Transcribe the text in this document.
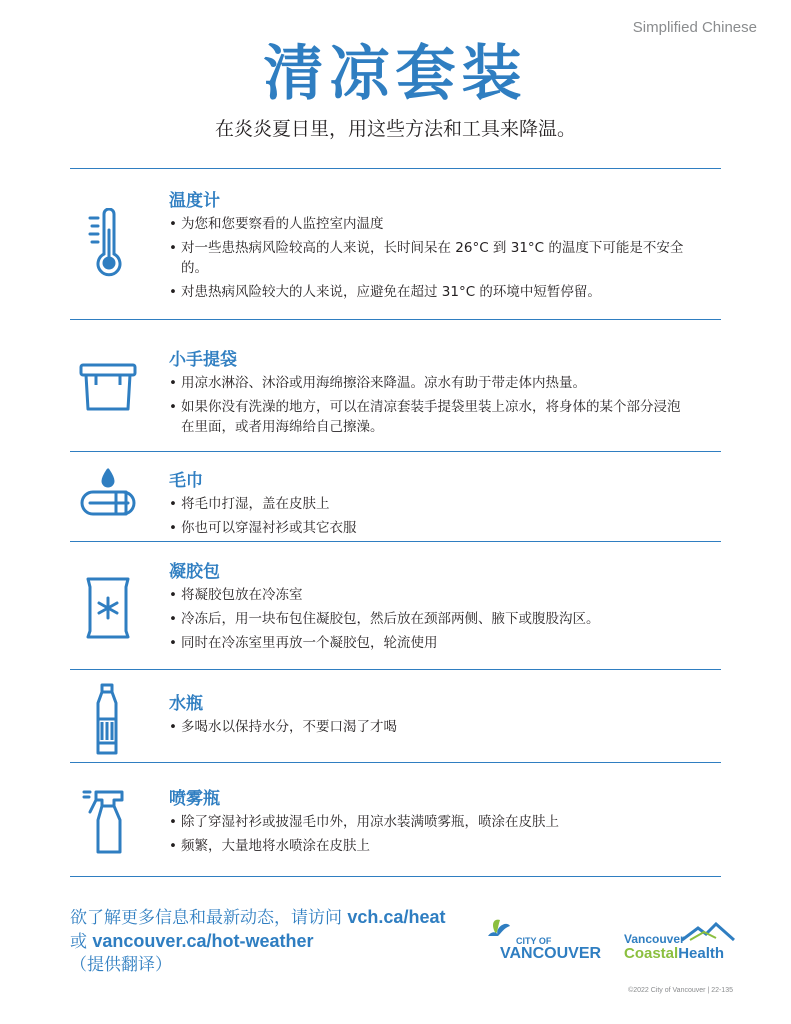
Simplified Chinese
清凉套装
在炎炎夏日里，用这些方法和工具来降温。
温度计
• 为您和您要察看的人监控室内温度
• 对一些患热病风险较高的人来说，长时间呆在 26°C 到 31°C 的温度下可能是不安全的。
• 对患热病风险较大的人来说，应避免在超过 31°C 的环境中短暂停留。
小手提袋
• 用凉水淋浴、沐浴或用海绵擦浴来降温。凉水有助于带走体内热量。
• 如果你没有洗澡的地方，可以在清凉套装手提袋里装上凉水，将身体的某个部分浸泡在里面，或者用海绵给自己擦澡。
毛巾
• 将毛巾打湿，盖在皮肤上
• 你也可以穿湿衬衫或其它衣服
凝胶包
• 将凝胶包放在冷冻室
• 冷冻后，用一块布包住凝胶包，然后放在颈部两侧、腋下或腹股沟区。
• 同时在冷冻室里再放一个凝胶包，轮流使用
水瓶
• 多喝水以保持水分，不要口渴了才喝
喷雾瓶
• 除了穿湿衬衫或披湿毛巾外，用凉水装满喷雾瓶，喷涂在皮肤上
• 频繁，大量地将水喷涂在皮肤上
欲了解更多信息和最新动态，请访问 vch.ca/heat
或 vancouver.ca/hot-weather
（提供翻译）
CITY OF
VANCOUVER
Vancouver
CoastalHealth
©2022 City of Vancouver | 22-135
